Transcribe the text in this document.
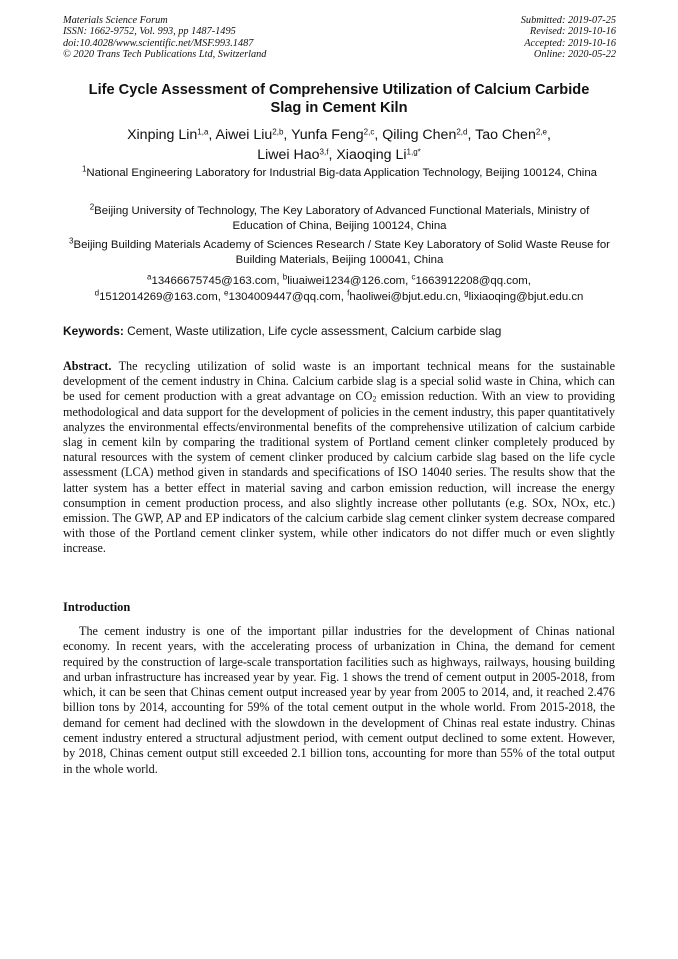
Materials Science Forum
ISSN: 1662-9752, Vol. 993, pp 1487-1495
doi:10.4028/www.scientific.net/MSF.993.1487
© 2020 Trans Tech Publications Ltd, Switzerland
Submitted: 2019-07-25
Revised: 2019-10-16
Accepted: 2019-10-16
Online: 2020-05-22
Life Cycle Assessment of Comprehensive Utilization of Calcium Carbide
Slag in Cement Kiln
Xinping Lin$^{1,a}$, Aiwei Liu$^{2,b}$, Yunfa Feng$^{2,c}$, Qiling Chen$^{2,d}$, Tao Chen$^{2,e}$,
Liwei Hao$^{3,f}$, Xiaoqing $Li^{1,g*}$
$^1$National Engineering Laboratory for Industrial Big-data Application Technology, Beijing 100124, China
$^2$Beijing University of Technology, The Key Laboratory of Advanced Functional Materials, Ministry of Education of China, Beijing 100124, China
$^3$Beijing Building Materials Academy of Sciences Research / State Key Laboratory of Solid Waste Reuse for Building Materials, Beijing 100041, China
$^a$13466675745@163.com, $^b$liuaiwei1234@126.com, $^c$1663912208@qq.com,
$^d$1512014269@163.com, $^e$1304009447@qq.com, $^f$haoliwei@bjut.edu.cn, $^g$lixiaoqing@bjut.edu.cn
Keywords: Cement, Waste utilization, Life cycle assessment, Calcium carbide slag
Abstract. The recycling utilization of solid waste is an important technical means for the sustainable development of the cement industry in China. Calcium carbide slag is a special solid waste in China, which can be used for cement production with a great advantage on $CO_2$ emission reduction. With an view to providing methodological and data support for the development of policies in the cement industry, this paper quantitatively analyzes the environmental effects/environmental benefits of the comprehensive utilization of calcium carbide slag in cement kiln by comparing the traditional system of Portland cement clinker completely produced by natural resources with the system of cement clinker produced by calcium carbide slag based on the life cycle assessment (LCA) method given in standards and specifications of ISO 14040 series. The results show that the latter system has a better effect in material saving and carbon emission reduction, will increase the energy consumption in cement production process, and also slightly increase other pollutants (e.g. SOx, NOx, etc.) emission. The GWP, AP and EP indicators of the calcium carbide slag cement clinker system decrease compared with those of the Portland cement clinker system, while other indicators do not differ much or even slightly increase.
Introduction
The cement industry is one of the important pillar industries for the development of Chinas national economy. In recent years, with the accelerating process of urbanization in China, the demand for cement required by the construction of large-scale transportation facilities such as highways, railways, housing building and urban infrastructure has increased year by year. Fig. 1 shows the trend of cement output in 2005-2018, from which, it can be seen that Chinas cement output increased year by year from 2005 to 2014, and, it reached 2.476 billion tons by 2014, accounting for 59% of the total cement output in the whole world. From 2015-2018, the demand for cement had declined with the slowdown in the development of Chinas real estate industry. Chinas cement industry entered a structural adjustment period, with cement output declined to some extent. However, by 2018, Chinas cement output still exceeded 2.1 billion tons, accounting for more than 55% of the total output in the whole world.
